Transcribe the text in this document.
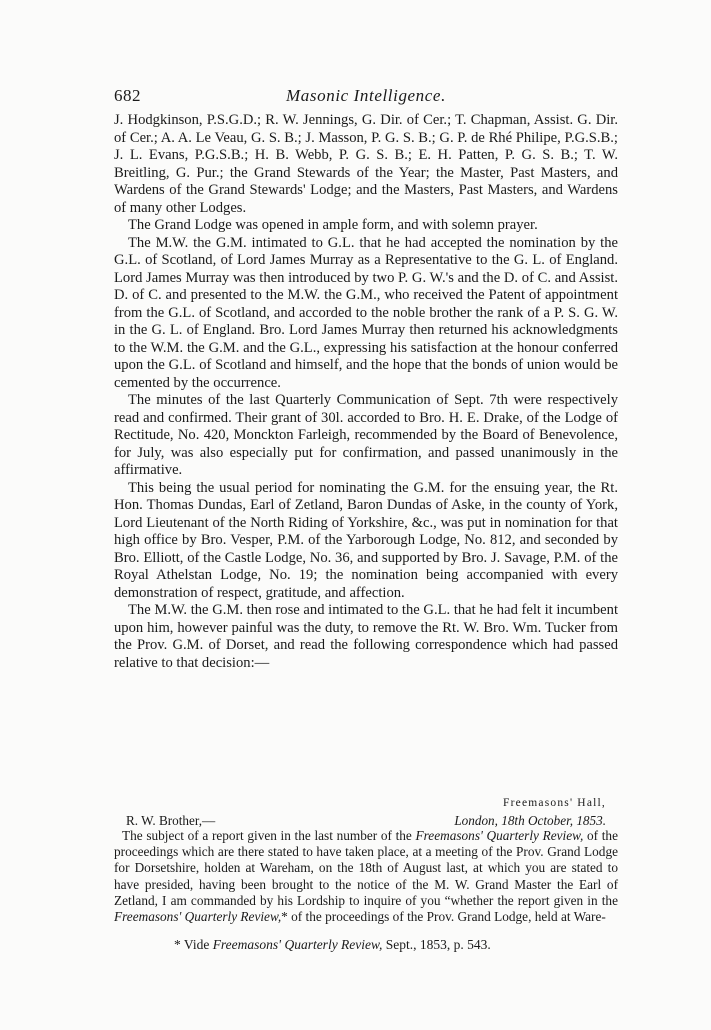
682	Masonic Intelligence.

J. Hodgkinson, P.S.G.D.; R. W. Jennings, G. Dir. of Cer.; T. Chapman, Assist. G. Dir. of Cer.; A. A. Le Veau, G. S. B.; J. Masson, P. G. S. B.; G. P. de Rhé Philipe, P.G.S.B.; J. L. Evans, P.G.S.B.; H. B. Webb, P. G. S. B.; E. H. Patten, P. G. S. B.; T. W. Breitling, G. Pur.; the Grand Stewards of the Year; the Master, Past Masters, and Wardens of the Grand Stewards' Lodge; and the Masters, Past Masters, and Wardens of many other Lodges.

The Grand Lodge was opened in ample form, and with solemn prayer.

The M.W. the G.M. intimated to G.L. that he had accepted the nomination by the G.L. of Scotland, of Lord James Murray as a Representative to the G. L. of England. Lord James Murray was then introduced by two P. G. W.'s and the D. of C. and Assist. D. of C. and presented to the M.W. the G.M., who received the Patent of appointment from the G.L. of Scotland, and accorded to the noble brother the rank of a P. S. G. W. in the G. L. of England. Bro. Lord James Murray then returned his acknowledgments to the W.M. the G.M. and the G.L., expressing his satisfaction at the honour conferred upon the G.L. of Scotland and himself, and the hope that the bonds of union would be cemented by the occurrence.

The minutes of the last Quarterly Communication of Sept. 7th were respectively read and confirmed. Their grant of 30l. accorded to Bro. H. E. Drake, of the Lodge of Rectitude, No. 420, Monckton Farleigh, recommended by the Board of Benevolence, for July, was also especially put for confirmation, and passed unanimously in the affirmative.

This being the usual period for nominating the G.M. for the ensuing year, the Rt. Hon. Thomas Dundas, Earl of Zetland, Baron Dundas of Aske, in the county of York, Lord Lieutenant of the North Riding of Yorkshire, &c., was put in nomination for that high office by Bro. Vesper, P.M. of the Yarborough Lodge, No. 812, and seconded by Bro. Elliott, of the Castle Lodge, No. 36, and supported by Bro. J. Savage, P.M. of the Royal Athelstan Lodge, No. 19; the nomination being accompanied with every demonstration of respect, gratitude, and affection.

The M.W. the G.M. then rose and intimated to the G.L. that he had felt it incumbent upon him, however painful was the duty, to remove the Rt. W. Bro. Wm. Tucker from the Prov. G.M. of Dorset, and read the following correspondence which had passed relative to that decision:—

Freemasons' Hall,
R. W. Brother,—	London, 18th October, 1853.

The subject of a report given in the last number of the Freemasons' Quarterly Review, of the proceedings which are there stated to have taken place, at a meeting of the Prov. Grand Lodge for Dorsetshire, holden at Wareham, on the 18th of August last, at which you are stated to have presided, having been brought to the notice of the M. W. Grand Master the Earl of Zetland, I am commanded by his Lordship to inquire of you “whether the report given in the Freemasons' Quarterly Review,* of the proceedings of the Prov. Grand Lodge, held at Ware-

* Vide Freemasons' Quarterly Review, Sept., 1853, p. 543.
